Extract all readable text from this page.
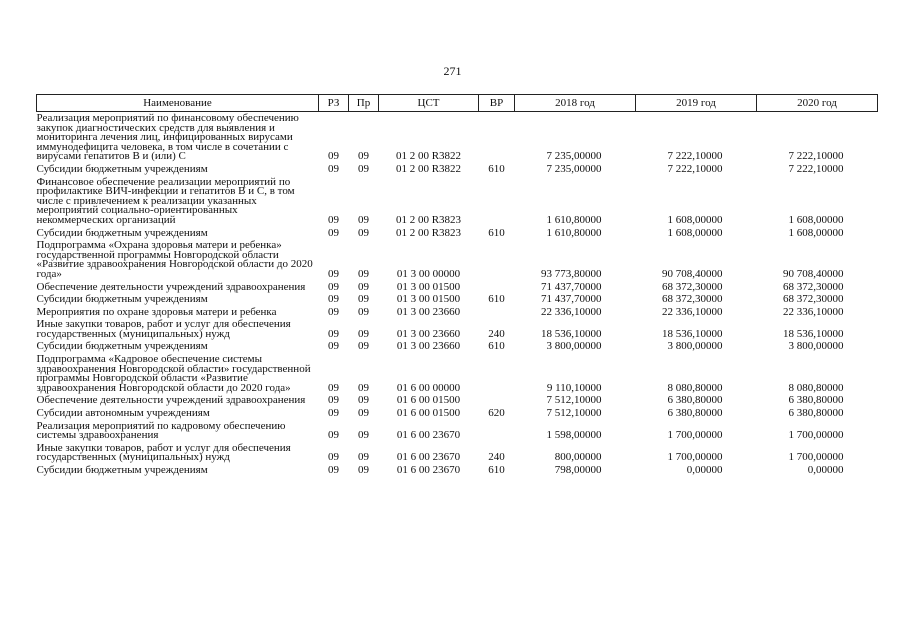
271
Наименование	РЗ	Пр	ЦСТ	ВР	2018 год	2019 год	2020 год
Реализация мероприятий по финансовому обеспечению закупок диагностических средств для выявления и мониторинга лечения лиц, инфицированных вирусами иммунодефицита человека, в том числе в сочетании с вирусами гепатитов В и (или) С	09	09	01 2 00 R3822		7 235,00000	7 222,10000	7 222,10000
Субсидии бюджетным учреждениям	09	09	01 2 00 R3822	610	7 235,00000	7 222,10000	7 222,10000
Финансовое обеспечение реализации мероприятий по профилактике ВИЧ-инфекции и гепатитов В и С, в том числе с привлечением к реализации указанных мероприятий социально-ориентированных некоммерческих организаций	09	09	01 2 00 R3823		1 610,80000	1 608,00000	1 608,00000
Субсидии бюджетным учреждениям	09	09	01 2 00 R3823	610	1 610,80000	1 608,00000	1 608,00000
Подпрограмма «Охрана здоровья матери и ребенка» государственной программы Новгородской области «Развитие здравоохранения Новгородской области до 2020 года»	09	09	01 3 00 00000		93 773,80000	90 708,40000	90 708,40000
Обеспечение деятельности учреждений здравоохранения	09	09	01 3 00 01500		71 437,70000	68 372,30000	68 372,30000
Субсидии бюджетным учреждениям	09	09	01 3 00 01500	610	71 437,70000	68 372,30000	68 372,30000
Мероприятия по охране здоровья матери и ребенка	09	09	01 3 00 23660		22 336,10000	22 336,10000	22 336,10000
Иные закупки товаров, работ и услуг для обеспечения государственных (муниципальных) нужд	09	09	01 3 00 23660	240	18 536,10000	18 536,10000	18 536,10000
Субсидии бюджетным учреждениям	09	09	01 3 00 23660	610	3 800,00000	3 800,00000	3 800,00000
Подпрограмма «Кадровое обеспечение системы здравоохранения Новгородской области» государственной программы Новгородской области «Развитие здравоохранения Новгородской области до 2020 года»	09	09	01 6 00 00000		9 110,10000	8 080,80000	8 080,80000
Обеспечение деятельности учреждений здравоохранения	09	09	01 6 00 01500		7 512,10000	6 380,80000	6 380,80000
Субсидии автономным учреждениям	09	09	01 6 00 01500	620	7 512,10000	6 380,80000	6 380,80000
Реализация мероприятий по кадровому обеспечению системы здравоохранения	09	09	01 6 00 23670		1 598,00000	1 700,00000	1 700,00000
Иные закупки товаров, работ и услуг для обеспечения государственных (муниципальных) нужд	09	09	01 6 00 23670	240	800,00000	1 700,00000	1 700,00000
Субсидии бюджетным учреждениям	09	09	01 6 00 23670	610	798,00000	0,00000	0,00000
